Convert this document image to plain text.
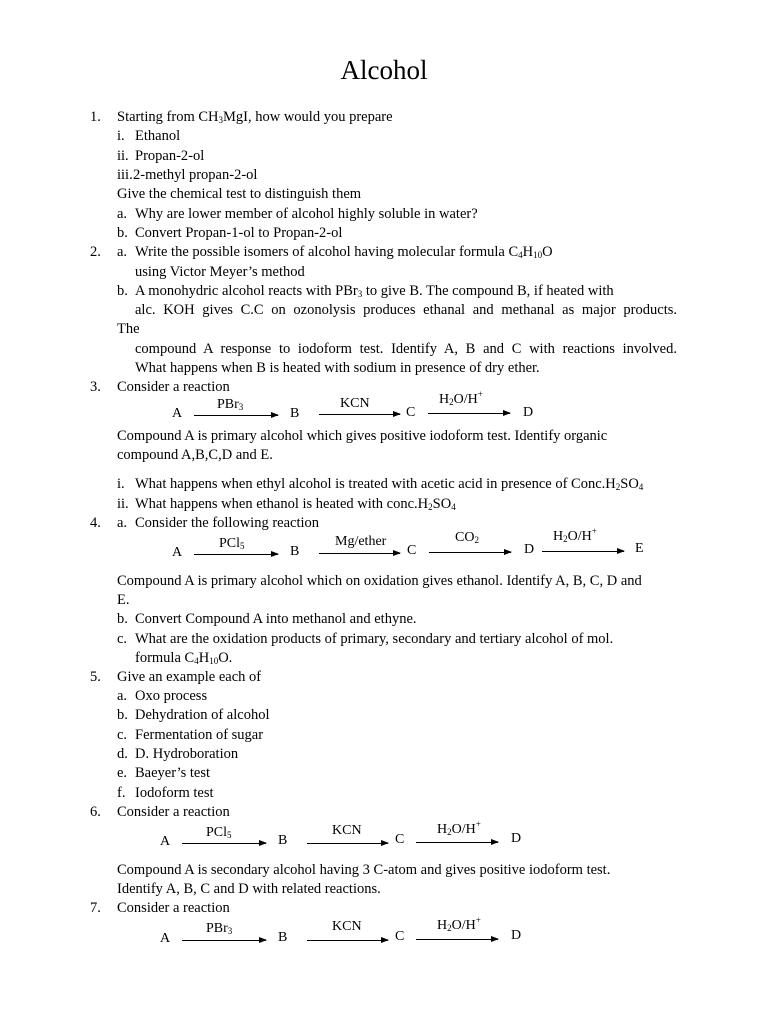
Alcohol
1. Starting from $CH_3MgI$, how would you prepare
i. Ethanol
ii. Propan-2-ol
iii.2-methyl propan-2-ol
Give the chemical test to distinguish them
a. Why are lower member of alcohol highly soluble in water?
b. Convert Propan-1-ol to Propan-2-ol
2. a. Write the possible isomers of alcohol having molecular formula $C_4H_{10}O$
using Victor Meyer’s method
b. A monohydric alcohol reacts with PBr$_3$ to give B. The compound B, if heated with
alc. KOH gives C.C on ozonolysis produces ethanal and methanal as major products.
The
compound A response to iodoform test. Identify A, B and C with reactions involved.
What happens when B is heated with sodium in presence of dry ether.
3. Consider a reaction
A
PBr$_3$	B
KCN
C
$H_2O/H^+$
D
Compound A is primary alcohol which gives positive iodoform test. Identify organic
compound A,B,C,D and E.
i. What happens when ethyl alcohol is treated with acetic acid in presence of $Conc.H_2SO_4$
ii. What happens when ethanol is heated with $conc.H_2SO_4$
4. a. Consider the following reaction
A
PCl$_5$	B
Mg/ether
C
$CO_2$
D
$H_2O/H^+$
E
Compound A is primary alcohol which on oxidation gives ethanol. Identify A, B, C, D and
E.
b. Convert Compound A into methanol and ethyne.
c. What are the oxidation products of primary, secondary and tertiary alcohol of mol.
formula $C_4H_{10}O$.
5. Give an example each of
a. Oxo process
b. Dehydration of alcohol
c. Fermentation of sugar
d. D. Hydroboration
e. Baeyer’s test
f. Iodoform test
6. Consider a reaction
A
PCl$_5$	B
KCN
C
$H_2O/H^+$
D
Compound A is secondary alcohol having 3 C-atom and gives positive iodoform test.
Identify A, B, C and D with related reactions.
7. Consider a reaction
A
PBr$_3$	B
KCN
C
$H_2O/H^+$
D
